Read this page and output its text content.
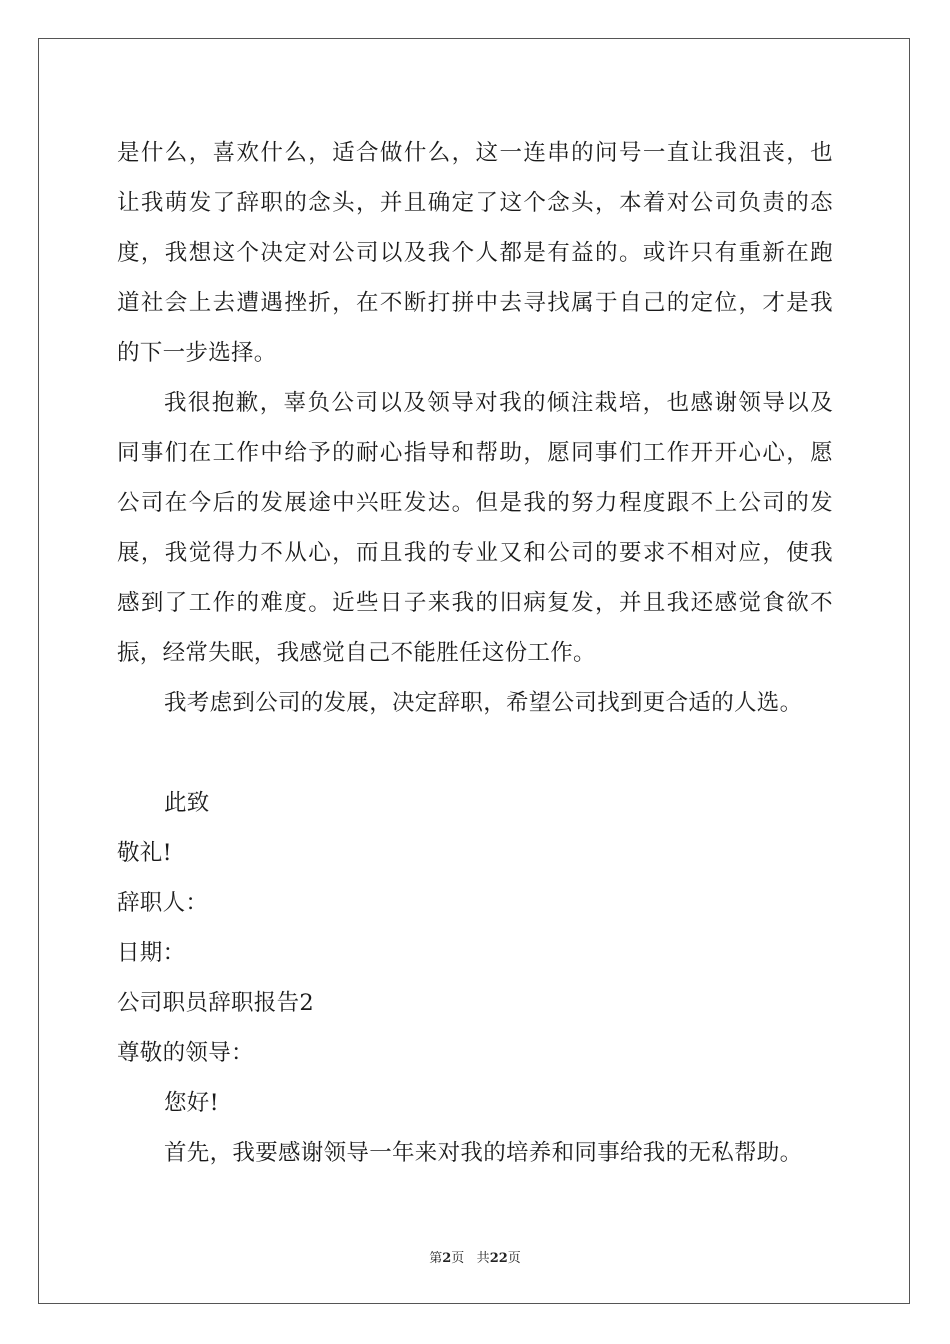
是什么，喜欢什么，适合做什么，这一连串的问号一直让我沮丧，也
让我萌发了辞职的念头，并且确定了这个念头，本着对公司负责的态
度，我想这个决定对公司以及我个人都是有益的。或许只有重新在跑
道社会上去遭遇挫折，在不断打拼中去寻找属于自己的定位，才是我
的下一步选择。
我很抱歉，辜负公司以及领导对我的倾注栽培，也感谢领导以及
同事们在工作中给予的耐心指导和帮助，愿同事们工作开开心心，愿
公司在今后的发展途中兴旺发达。但是我的努力程度跟不上公司的发
展，我觉得力不从心，而且我的专业又和公司的要求不相对应，使我
感到了工作的难度。近些日子来我的旧病复发，并且我还感觉食欲不
振，经常失眠，我感觉自己不能胜任这份工作。
我考虑到公司的发展，决定辞职，希望公司找到更合适的人选。
此致
敬礼!
辞职人：
日期：
公司职员辞职报告2
尊敬的领导：
您好!
首先，我要感谢领导一年来对我的培养和同事给我的无私帮助。
第2页 共22页
